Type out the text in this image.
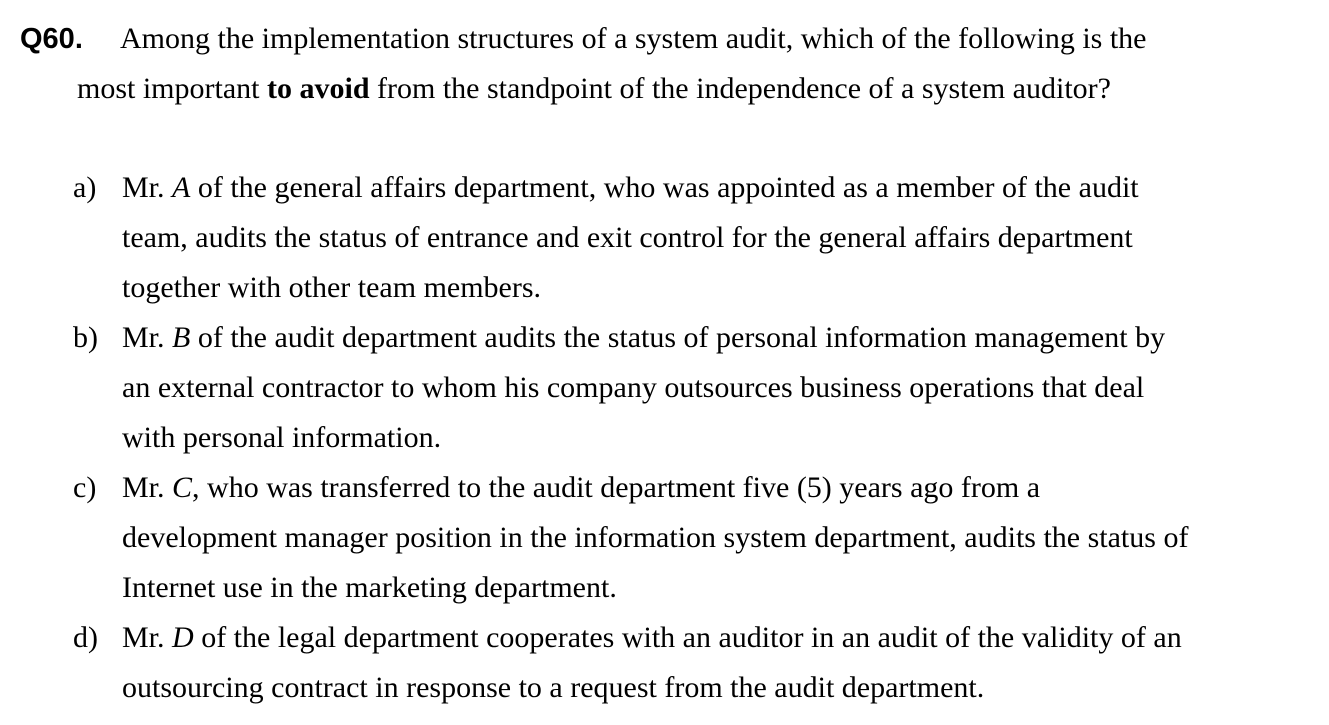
Q60. Among the implementation structures of a system audit, which of the following is the
most important to avoid from the standpoint of the independence of a system auditor?
a) Mr. A of the general affairs department, who was appointed as a member of the audit
team, audits the status of entrance and exit control for the general affairs department
together with other team members.
b) Mr. B of the audit department audits the status of personal information management by
an external contractor to whom his company outsources business operations that deal
with personal information.
c) Mr. C, who was transferred to the audit department five (5) years ago from a
development manager position in the information system department, audits the status of
Internet use in the marketing department.
d) Mr. D of the legal department cooperates with an auditor in an audit of the validity of an
outsourcing contract in response to a request from the audit department.
